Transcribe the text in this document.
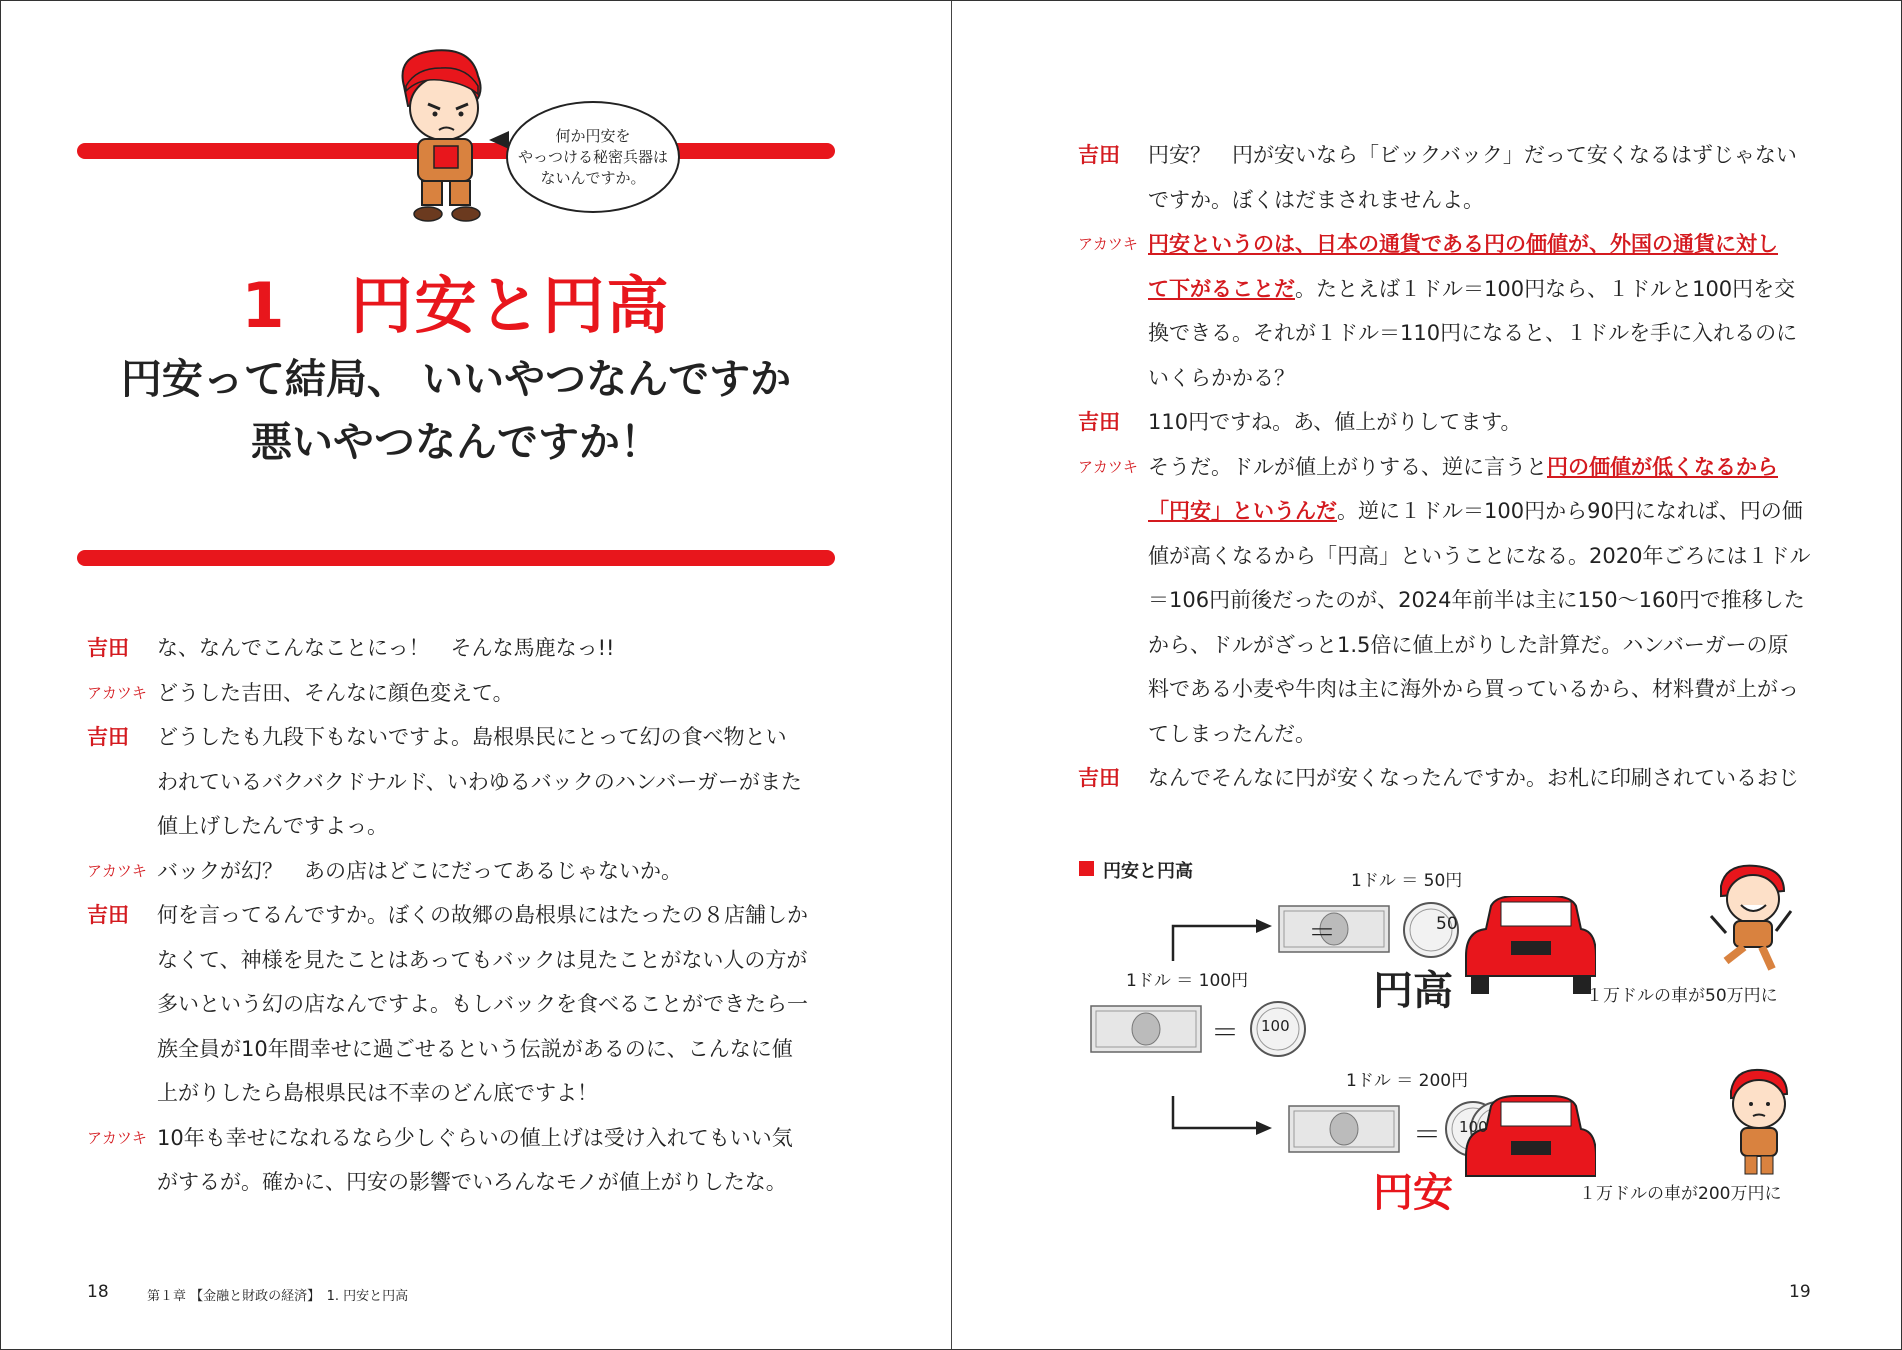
何か円安を
やっつける秘密兵器は
ないんですか。
1　円安と円高
円安って結局、 いいやつなんですか
悪いやつなんですか！
吉田 な、なんでこんなことにっ！　そんな馬鹿なっ!!
アカツキ どうした吉田、そんなに顔色変えて。
吉田 どうしたも九段下もないですよ。島根県民にとって幻の食べ物とい
われているバクバクドナルド、いわゆるバックのハンバーガーがまた
値上げしたんですよっ。
アカツキ バックが幻？　あの店はどこにだってあるじゃないか。
吉田 何を言ってるんですか。ぼくの故郷の島根県にはたったの８店舗しか
なくて、神様を見たことはあってもバックは見たことがない人の方が
多いという幻の店なんですよ。もしバックを食べることができたら一
族全員が10年間幸せに過ごせるという伝説があるのに、こんなに値
上がりしたら島根県民は不幸のどん底ですよ！
アカツキ 10年も幸せになれるなら少しぐらいの値上げは受け入れてもいい気
がするが。確かに、円安の影響でいろんなモノが値上がりしたな。
18	第１章 【金融と財政の経済】　1. 円安と円高
吉田 円安？　円が安いなら「ビックバック」だって安くなるはずじゃない
ですか。ぼくはだまされませんよ。
アカツキ 円安というのは、日本の通貨である円の価値が、外国の通貨に対し
て下がることだ。たとえば１ドル＝100円なら、１ドルと100円を交
換できる。それが１ドル＝110円になると、１ドルを手に入れるのに
いくらかかる？
吉田 110円ですね。あ、値上がりしてます。
アカツキ そうだ。ドルが値上がりする、逆に言うと円の価値が低くなるから
「円安」というんだ。逆に１ドル＝100円から90円になれば、円の価
値が高くなるから「円高」ということになる。2020年ごろには１ドル
＝106円前後だったのが、2024年前半は主に150～160円で推移した
から、ドルがざっと1.5倍に値上がりした計算だ。ハンバーガーの原
料である小麦や牛肉は主に海外から買っているから、材料費が上がっ
てしまったんだ。
吉田 なんでそんなに円が安くなったんですか。お札に印刷されているおじ
円安と円高	1ドル ＝ 50円
1ドル ＝ 100円
1ドル ＝ 200円
＝	50
＝ 100
＝ 100
円高
円安
１万ドルの車が50万円に
１万ドルの車が200万円に
19
